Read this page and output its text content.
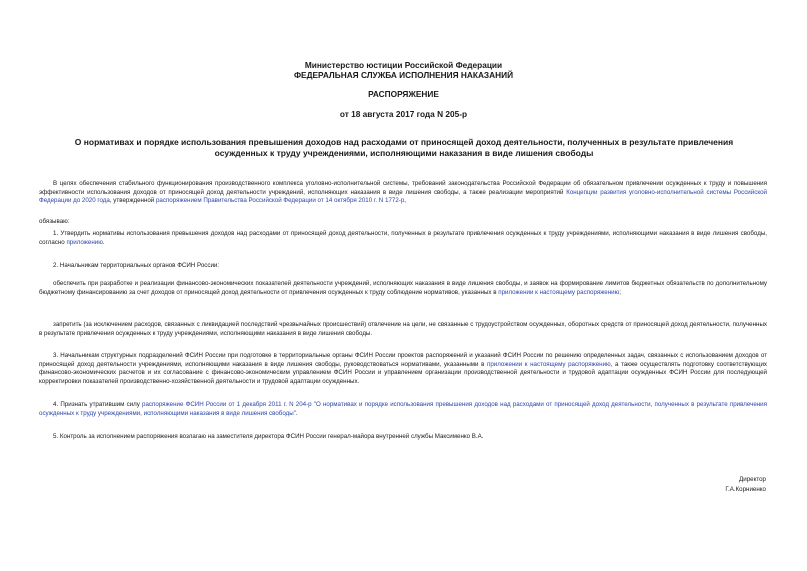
Министерство юстиции Российской Федерации
ФЕДЕРАЛЬНАЯ СЛУЖБА ИСПОЛНЕНИЯ НАКАЗАНИЙ
РАСПОРЯЖЕНИЕ
от 18 августа 2017 года N 205-р
О нормативах и порядке использования превышения доходов над расходами от приносящей доход деятельности, полученных в результате привлечения осужденных к труду учреждениями, исполняющими наказания в виде лишения свободы
В целях обеспечения стабильного функционирования производственного комплекса уголовно-исполнительной системы, требований законодательства Российской Федерации об обязательном привлечении осужденных к труду и повышения эффективности использования доходов от приносящей доход деятельности учреждений, исполняющих наказания в виде лишения свободы, а также реализации мероприятий Концепции развития уголовно-исполнительной системы Российской Федерации до 2020 года, утвержденной распоряжением Правительства Российской Федерации от 14 октября 2010 г. N 1772-р,
обязываю:
1. Утвердить нормативы использования превышения доходов над расходами от приносящей доход деятельности, полученных в результате привлечения осужденных к труду учреждениями, исполняющими наказания в виде лишения свободы, согласно приложению.
2. Начальникам территориальных органов ФСИН России:
обеспечить при разработке и реализации финансово-экономических показателей деятельности учреждений, исполняющих наказания в виде лишения свободы, и заявок на формирование лимитов бюджетных обязательств по дополнительному бюджетному финансированию за счет доходов от приносящей доход деятельности от привлечения осужденных к труду соблюдение нормативов, указанных в приложении к настоящему распоряжению;
запретить (за исключением расходов, связанных с ликвидацией последствий чрезвычайных происшествий) отвлечение на цели, не связанные с трудоустройством осужденных, оборотных средств от приносящей доход деятельности, полученных в результате привлечения осужденных к труду учреждениями, исполняющими наказания в виде лишения свободы.
3. Начальникам структурных подразделений ФСИН России при подготовке в территориальные органы ФСИН России проектов распоряжений и указаний ФСИН России по решению определенных задач, связанных с использованием доходов от приносящей доход деятельности учреждениями, исполняющими наказания в виде лишения свободы, руководствоваться нормативами, указанными в приложении к настоящему распоряжению, а также осуществлять подготовку соответствующих финансово-экономических расчетов и их согласование с финансово-экономическим управлением ФСИН России и управлением организации производственной деятельности и трудовой адаптации осужденных ФСИН России для последующей корректировки показателей производственно-хозяйственной деятельности и трудовой адаптации осужденных.
4. Признать утратившим силу распоряжение ФСИН России от 1 декабря 2011 г. N 204-р "О нормативах и порядке использования превышения доходов над расходами от приносящей доход деятельности, полученных в результате привлечения осужденных к труду учреждениями, исполняющими наказания в виде лишения свободы".
5. Контроль за исполнением распоряжения возлагаю на заместителя директора ФСИН России генерал-майора внутренней службы Максименко В.А.
Директор
Г.А.Корниенко
